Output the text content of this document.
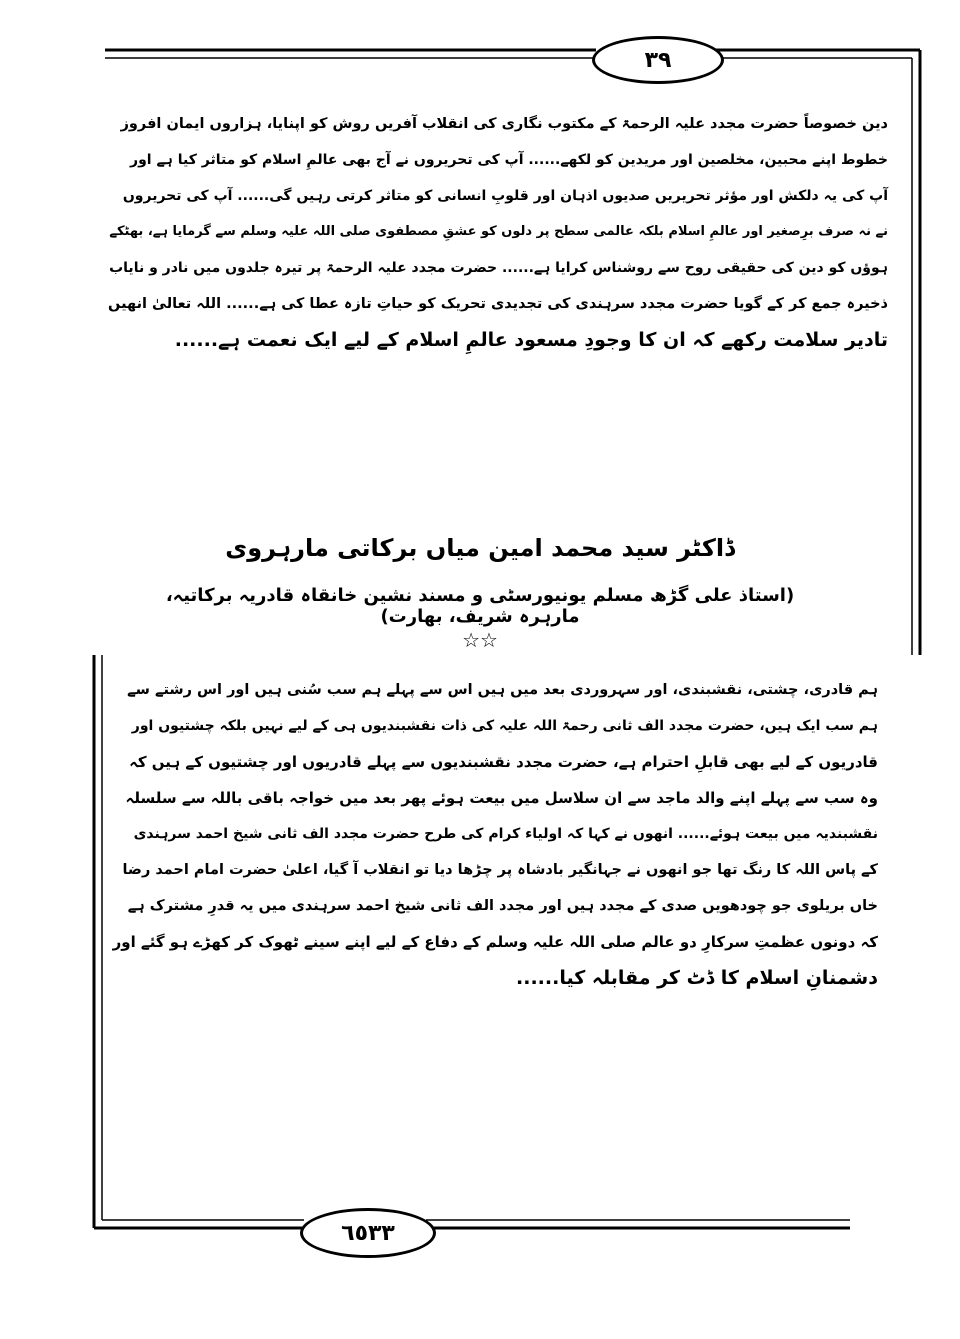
٣٩
دین خصوصاً حضرت مجدد علیہ الرحمۃ کے مکتوب نگاری کی انقلاب آفریں روش کو اپنایا، ہزاروں ایمان افروز
خطوط اپنے محبین، مخلصین اور مریدین کو لکھے...... آپ کی تحریروں نے آج بھی عالمِ اسلام کو متاثر کیا ہے اور
آپ کی یہ دلکش اور مؤثر تحریریں صدیوں اذہان اور قلوبِ انسانی کو متاثر کرتی رہیں گی...... آپ کی تحریروں
نے نہ صرف برِصغیر اور عالمِ اسلام بلکہ عالمی سطح پر دلوں کو عشقِ مصطفوی صلی اللہ علیہ وسلم سے گرمایا ہے، بھٹکے
ہوؤں کو دین کی حقیقی روح سے روشناس کرایا ہے...... حضرت مجدد علیہ الرحمۃ پر تیرہ جلدوں میں نادر و نایاب
ذخیرہ جمع کر کے گویا حضرت مجدد سرہندی کی تجدیدی تحریک کو حیاتِ تازہ عطا کی ہے...... اللہ تعالیٰ انھیں
تادیر سلامت رکھے کہ ان کا وجودِ مسعود عالمِ اسلام کے لیے ایک نعمت ہے......
ڈاکٹر سید محمد امین میاں برکاتی مارہروی
(استاذ علی گڑھ مسلم یونیورسٹی و مسند نشین خانقاہ قادریہ برکاتیہ، مارہرہ شریف، بھارت)
☆☆
ہم قادری، چشتی، نقشبندی، اور سہروردی بعد میں ہیں اس سے پہلے ہم سب سُنی ہیں اور اس رشتے سے
ہم سب ایک ہیں، حضرت مجدد الف ثانی رحمۃ اللہ علیہ کی ذات نقشبندیوں ہی کے لیے نہیں بلکہ چشتیوں اور
قادریوں کے لیے بھی قابلِ احترام ہے، حضرت مجدد نقشبندیوں سے پہلے قادریوں اور چشتیوں کے ہیں کہ
وہ سب سے پہلے اپنے والد ماجد سے ان سلاسل میں بیعت ہوئے پھر بعد میں خواجہ باقی باللہ سے سلسلہ
نقشبندیہ میں بیعت ہوئے...... انھوں نے کہا کہ اولیاء کرام کی طرح حضرت مجدد الف ثانی شیخ احمد سرہندی
کے پاس اللہ کا رنگ تھا جو انھوں نے جہانگیر بادشاہ پر چڑھا دیا تو انقلاب آ گیا، اعلیٰ حضرت امام احمد رضا
خاں بریلوی جو چودھویں صدی کے مجدد ہیں اور مجدد الف ثانی شیخ احمد سرہندی میں یہ قدرِ مشترک ہے
کہ دونوں عظمتِ سرکارِ دو عالم صلی اللہ علیہ وسلم کے دفاع کے لیے اپنے سینے ٹھوک کر کھڑے ہو گئے اور
دشمنانِ اسلام کا ڈٹ کر مقابلہ کیا......
٦٥٣٣
